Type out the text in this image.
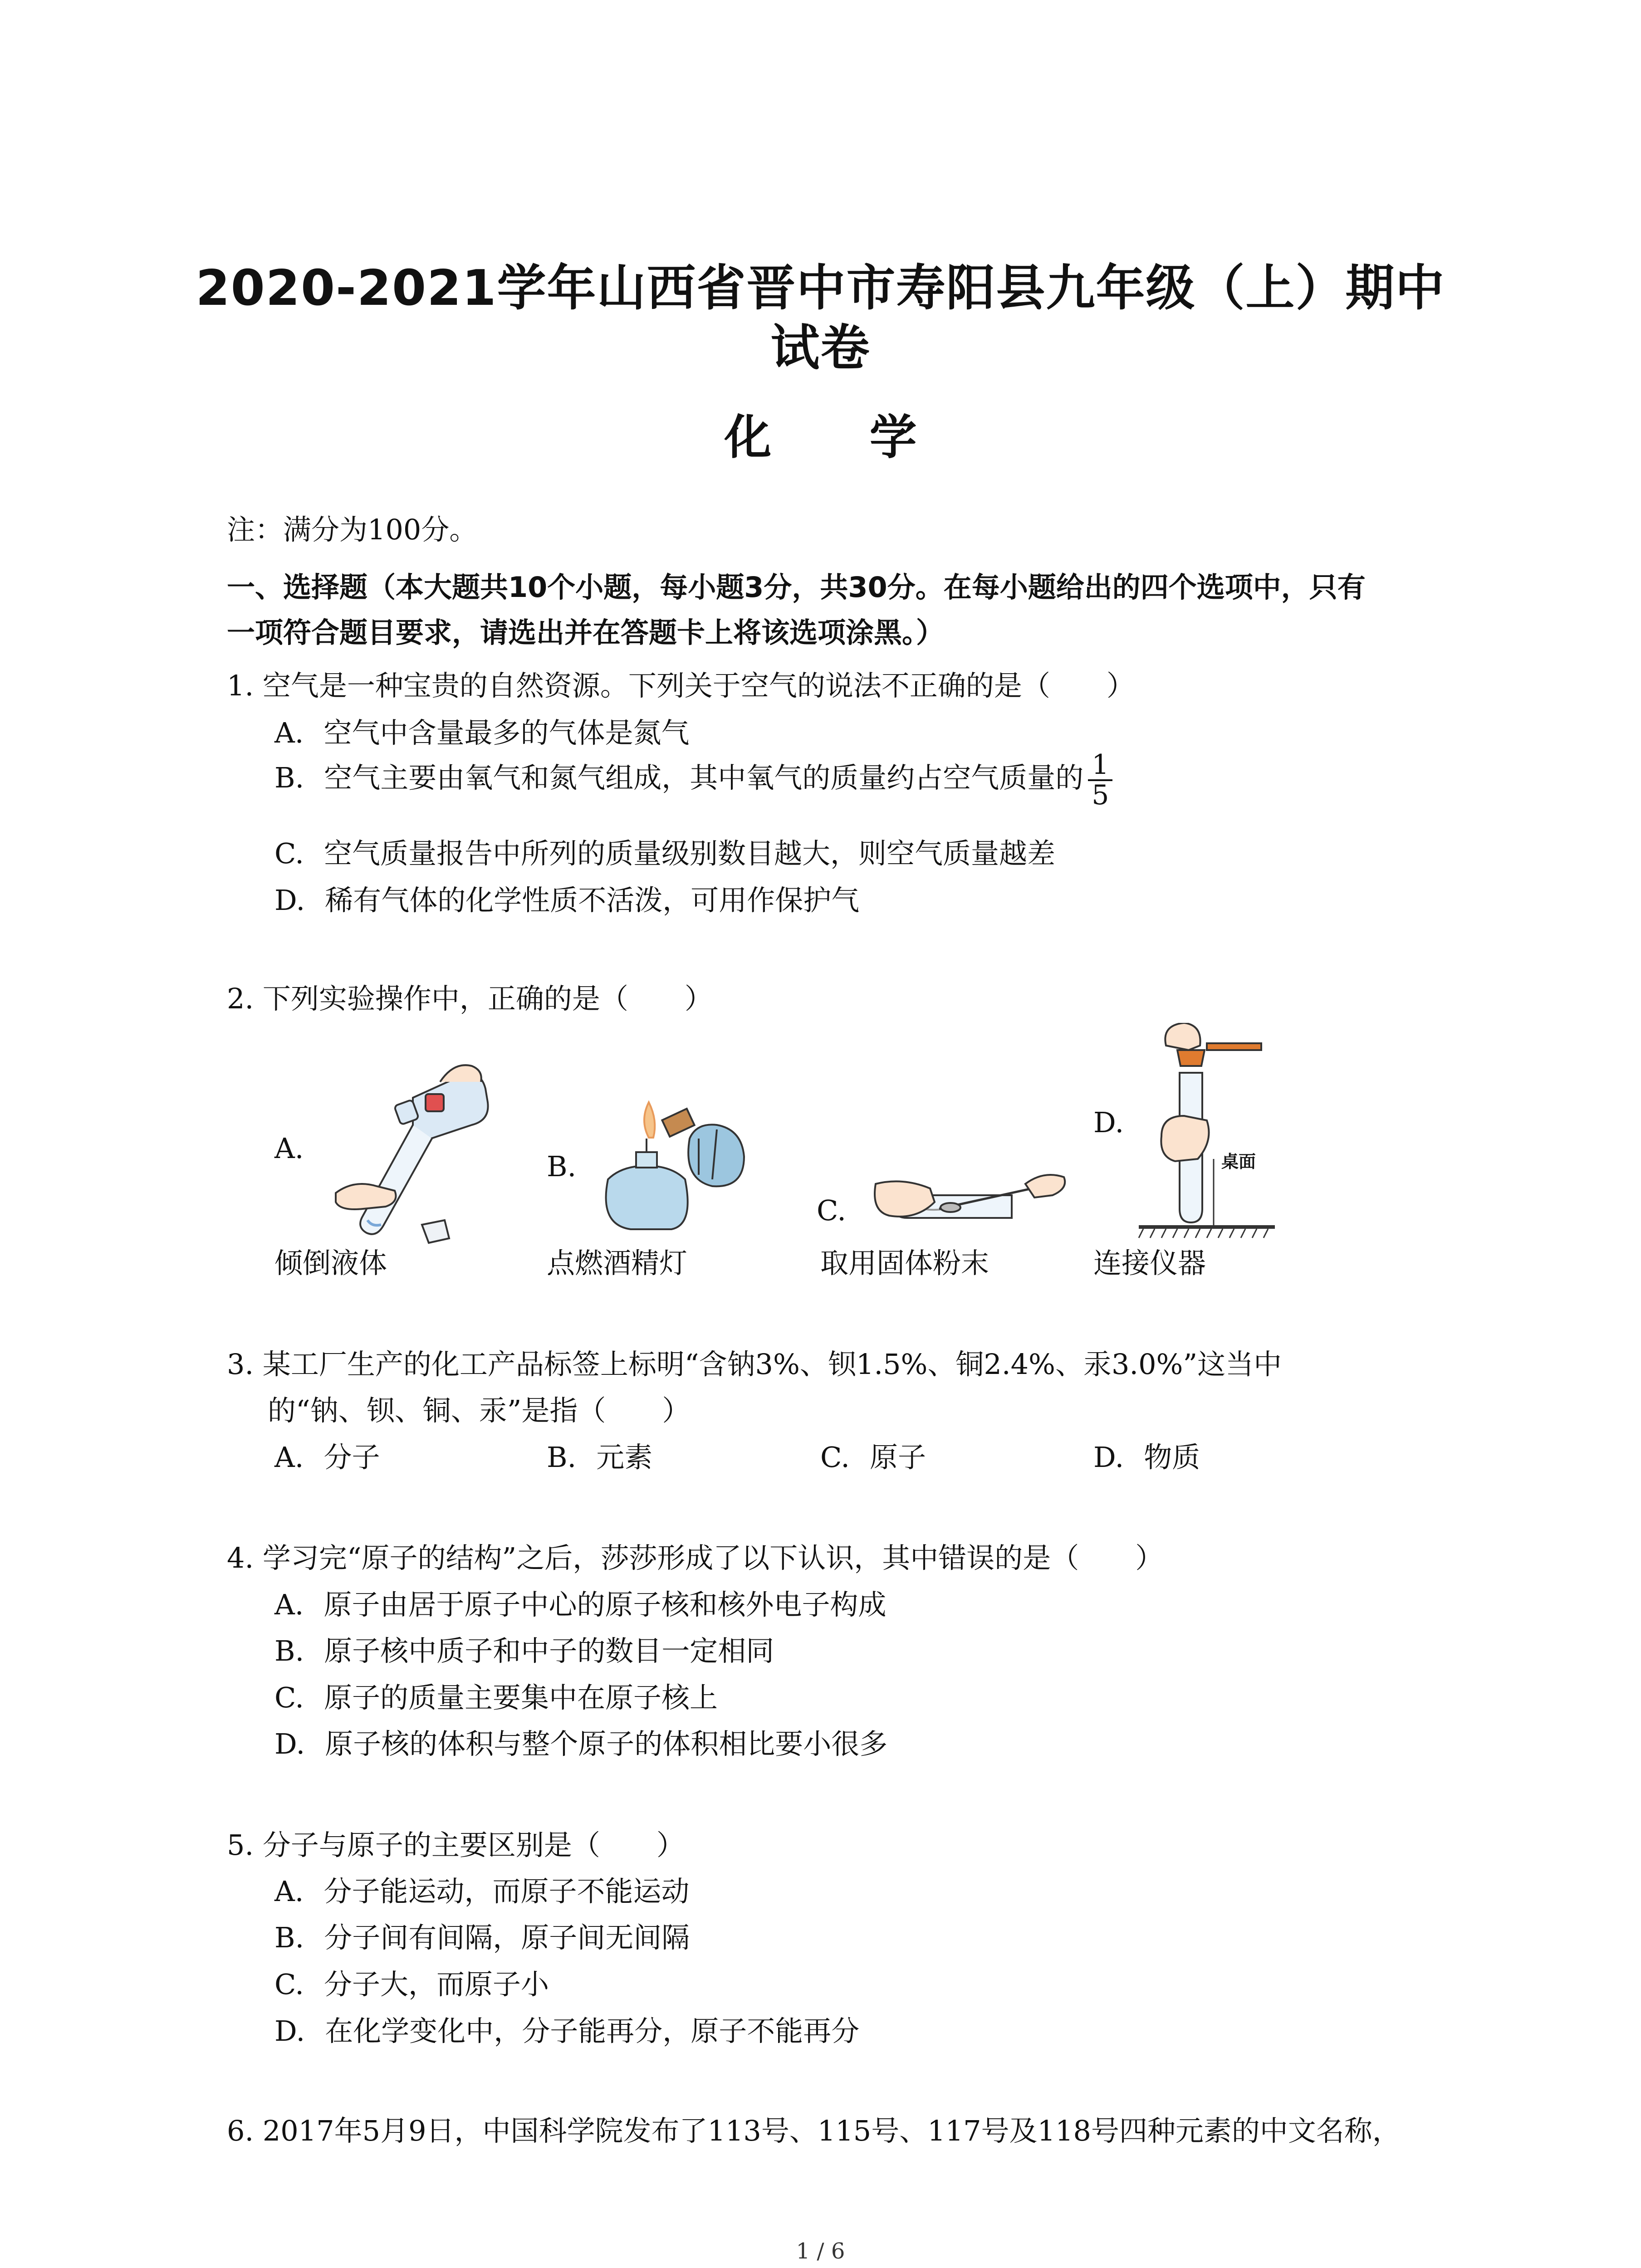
2020-2021学年山西省晋中市寿阳县九年级（上）期中
试卷
化 学
注：满分为100分。
一、选择题（本大题共10个小题，每小题3分，共30分。在每小题给出的四个选项中，只有
一项符合题目要求，请选出并在答题卡上将该选项涂黑。）
1. 空气是一种宝贵的自然资源。下列关于空气的说法不正确的是（　　）
A. 空气中含量最多的气体是氮气
B. 空气主要由氧气和氮气组成，其中氧气的质量约占空气质量的 $\frac{1}{5}$
C. 空气质量报告中所列的质量级别数目越大，则空气质量越差
D. 稀有气体的化学性质不活泼，可用作保护气
2. 下列实验操作中，正确的是（　　）
A.
B.
C.
D.
桌面
倾倒液体	点燃酒精灯	取用固体粉末	连接仪器
3. 某工厂生产的化工产品标签上标明“含钠3%、钡1.5%、铜2.4%、汞3.0%”这当中
的“钠、钡、铜、汞”是指（　　）
A. 分子	B. 元素	C. 原子	D. 物质
4. 学习完“原子的结构”之后，莎莎形成了以下认识，其中错误的是（　　）
A. 原子由居于原子中心的原子核和核外电子构成
B. 原子核中质子和中子的数目一定相同
C. 原子的质量主要集中在原子核上
D. 原子核的体积与整个原子的体积相比要小很多
5. 分子与原子的主要区别是（　　）
A. 分子能运动，而原子不能运动
B. 分子间有间隔，原子间无间隔
C. 分子大，而原子小
D. 在化学变化中，分子能再分，原子不能再分
6. 2017年5月9日，中国科学院发布了113号、115号、117号及118号四种元素的中文名称，
1 / 6
